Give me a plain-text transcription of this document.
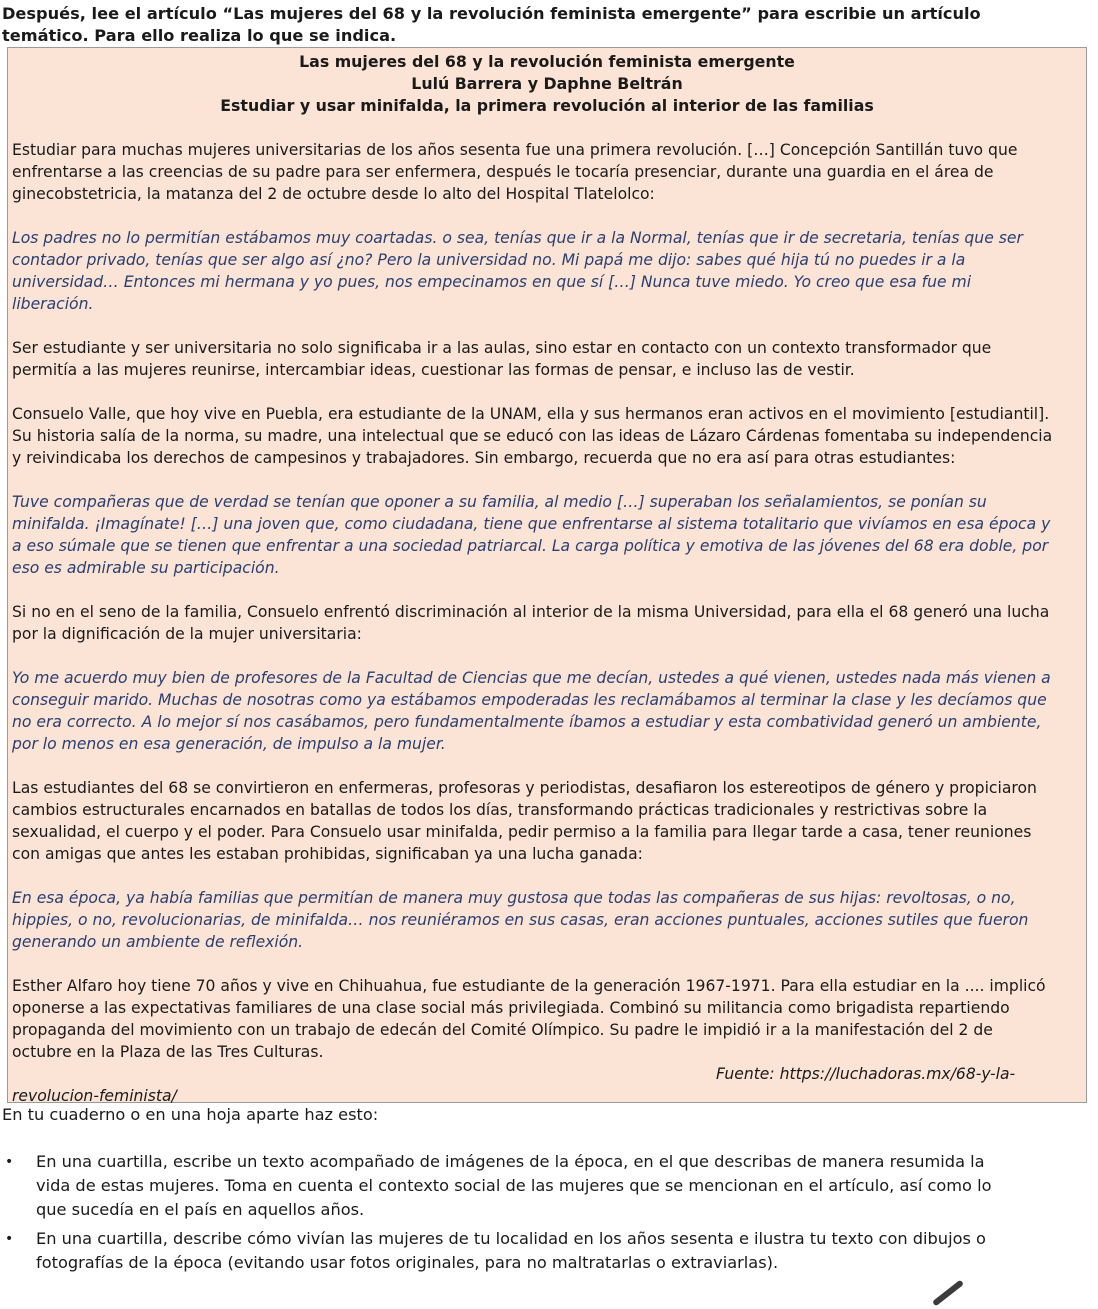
Después, lee el artículo “Las mujeres del 68 y la revolución feminista emergente” para escribie un artículo
temático. Para ello realiza lo que se indica.
Las mujeres del 68 y la revolución feminista emergente
Lulú Barrera y Daphne Beltrán
Estudiar y usar minifalda, la primera revolución al interior de las familias
Estudiar para muchas mujeres universitarias de los años sesenta fue una primera revolución. […] Concepción Santillán tuvo que
enfrentarse a las creencias de su padre para ser enfermera, después le tocaría presenciar, durante una guardia en el área de
ginecobstetricia, la matanza del 2 de octubre desde lo alto del Hospital Tlatelolco:
Los padres no lo permitían estábamos muy coartadas. o sea, tenías que ir a la Normal, tenías que ir de secretaria, tenías que ser
contador privado, tenías que ser algo así ¿no? Pero la universidad no. Mi papá me dijo: sabes qué hija tú no puedes ir a la
universidad… Entonces mi hermana y yo pues, nos empecinamos en que sí […] Nunca tuve miedo. Yo creo que esa fue mi
liberación.
Ser estudiante y ser universitaria no solo significaba ir a las aulas, sino estar en contacto con un contexto transformador que
permitía a las mujeres reunirse, intercambiar ideas, cuestionar las formas de pensar, e incluso las de vestir.
Consuelo Valle, que hoy vive en Puebla, era estudiante de la UNAM, ella y sus hermanos eran activos en el movimiento [estudiantil].
Su historia salía de la norma, su madre, una intelectual que se educó con las ideas de Lázaro Cárdenas fomentaba su independencia
y reivindicaba los derechos de campesinos y trabajadores. Sin embargo, recuerda que no era así para otras estudiantes:
Tuve compañeras que de verdad se tenían que oponer a su familia, al medio […] superaban los señalamientos, se ponían su
minifalda. ¡Imagínate! […] una joven que, como ciudadana, tiene que enfrentarse al sistema totalitario que vivíamos en esa época y
a eso súmale que se tienen que enfrentar a una sociedad patriarcal. La carga política y emotiva de las jóvenes del 68 era doble, por
eso es admirable su participación.
Si no en el seno de la familia, Consuelo enfrentó discriminación al interior de la misma Universidad, para ella el 68 generó una lucha
por la dignificación de la mujer universitaria:
Yo me acuerdo muy bien de profesores de la Facultad de Ciencias que me decían, ustedes a qué vienen, ustedes nada más vienen a
conseguir marido. Muchas de nosotras como ya estábamos empoderadas les reclamábamos al terminar la clase y les decíamos que
no era correcto. A lo mejor sí nos casábamos, pero fundamentalmente íbamos a estudiar y esta combatividad generó un ambiente,
por lo menos en esa generación, de impulso a la mujer.
Las estudiantes del 68 se convirtieron en enfermeras, profesoras y periodistas, desafiaron los estereotipos de género y propiciaron
cambios estructurales encarnados en batallas de todos los días, transformando prácticas tradicionales y restrictivas sobre la
sexualidad, el cuerpo y el poder. Para Consuelo usar minifalda, pedir permiso a la familia para llegar tarde a casa, tener reuniones
con amigas que antes les estaban prohibidas, significaban ya una lucha ganada:
En esa época, ya había familias que permitían de manera muy gustosa que todas las compañeras de sus hijas: revoltosas, o no,
hippies, o no, revolucionarias, de minifalda… nos reuniéramos en sus casas, eran acciones puntuales, acciones sutiles que fueron
generando un ambiente de reflexión.
Esther Alfaro hoy tiene 70 años y vive en Chihuahua, fue estudiante de la generación 1967-1971. Para ella estudiar en la .... implicó
oponerse a las expectativas familiares de una clase social más privilegiada. Combinó su militancia como brigadista repartiendo
propaganda del movimiento con un trabajo de edecán del Comité Olímpico. Su padre le impidió ir a la manifestación del 2 de
octubre en la Plaza de las Tres Culturas.
Fuente: https://luchadoras.mx/68-y-la-
revolucion-feminista/
En tu cuaderno o en una hoja aparte haz esto:
• En una cuartilla, escribe un texto acompañado de imágenes de la época, en el que describas de manera resumida la
vida de estas mujeres. Toma en cuenta el contexto social de las mujeres que se mencionan en el artículo, así como lo
que sucedía en el país en aquellos años.
• En una cuartilla, describe cómo vivían las mujeres de tu localidad en los años sesenta e ilustra tu texto con dibujos o
fotografías de la época (evitando usar fotos originales, para no maltratarlas o extraviarlas).
